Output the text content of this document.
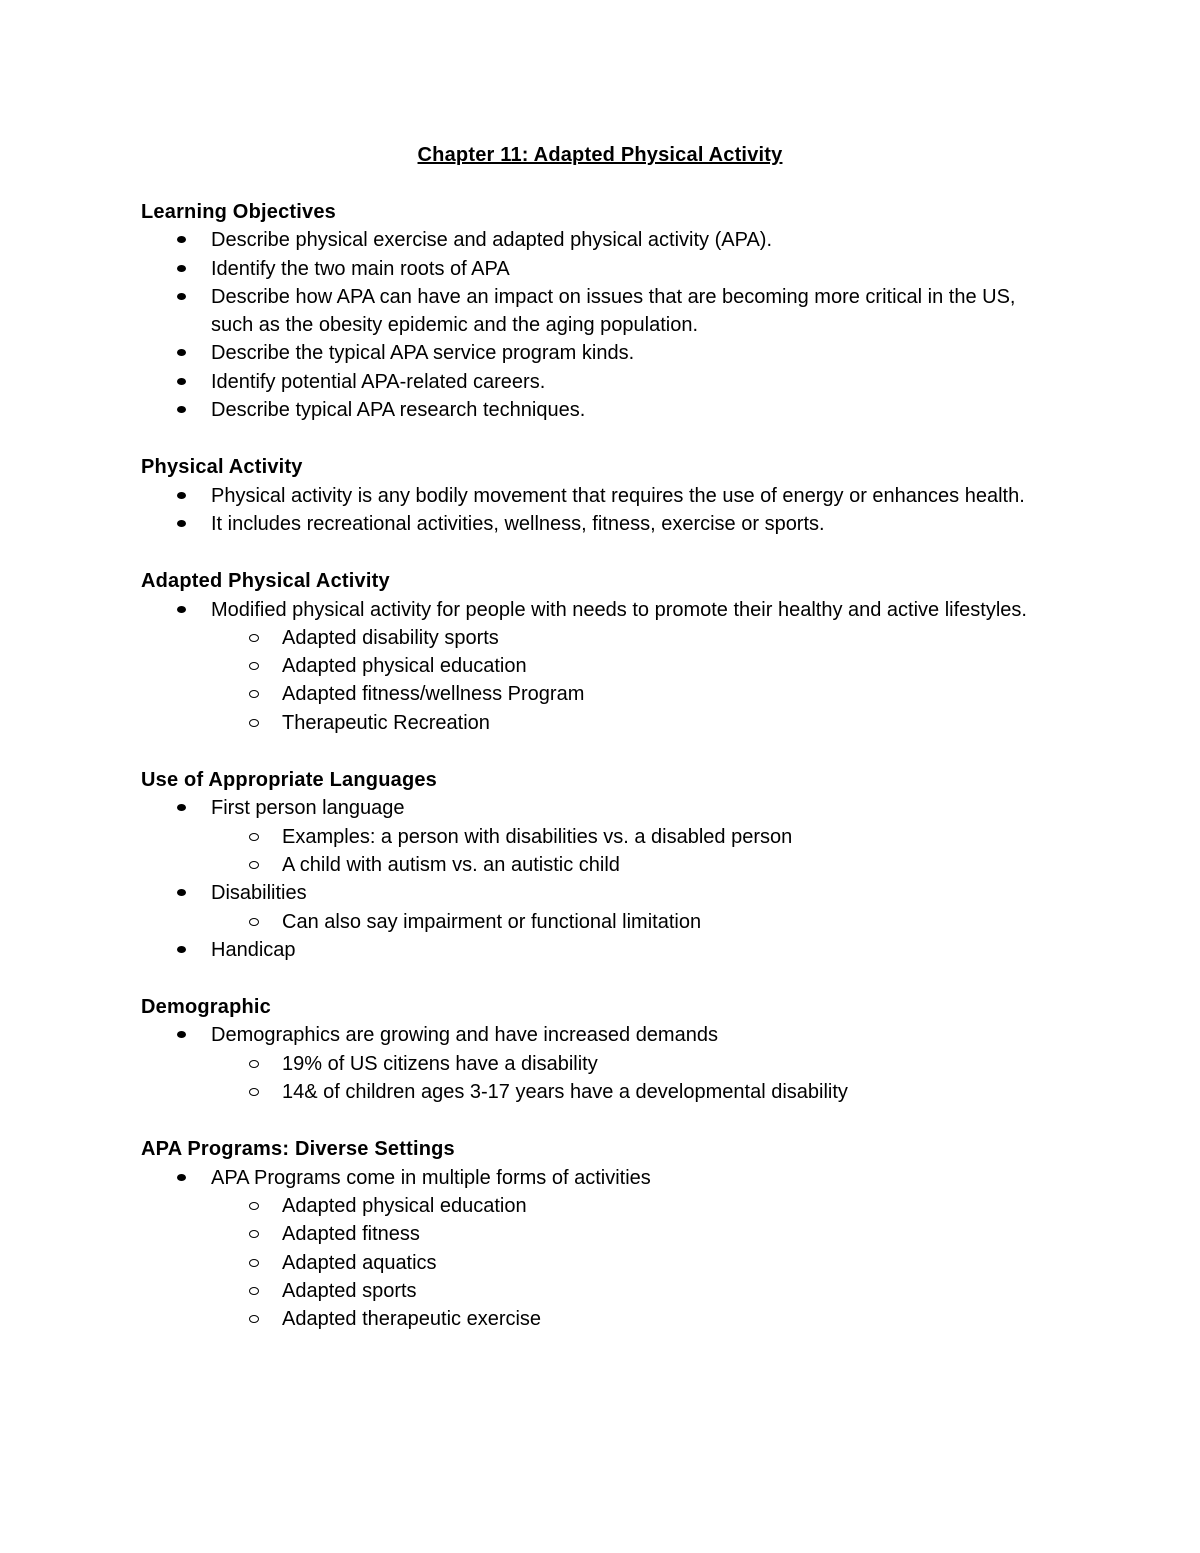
Chapter 11: Adapted Physical Activity
Learning Objectives
Describe physical exercise and adapted physical activity (APA).
Identify the two main roots of APA
Describe how APA can have an impact on issues that are becoming more critical in the US, such as the obesity epidemic and the aging population.
Describe the typical APA service program kinds.
Identify potential APA-related careers.
Describe typical APA research techniques.
Physical Activity
Physical activity is any bodily movement that requires the use of energy or enhances health.
It includes recreational activities, wellness, fitness, exercise or sports.
Adapted Physical Activity
Modified physical activity for people with needs to promote their healthy and active lifestyles.
Adapted disability sports
Adapted physical education
Adapted fitness/wellness Program
Therapeutic Recreation
Use of Appropriate Languages
First person language
Examples: a person with disabilities vs. a disabled person
A child with autism vs. an autistic child
Disabilities
Can also say impairment or functional limitation
Handicap
Demographic
Demographics are growing and have increased demands
19% of US citizens have a disability
14& of children ages 3-17 years have a developmental disability
APA Programs: Diverse Settings
APA Programs come in multiple forms of activities
Adapted physical education
Adapted fitness
Adapted aquatics
Adapted sports
Adapted therapeutic exercise
